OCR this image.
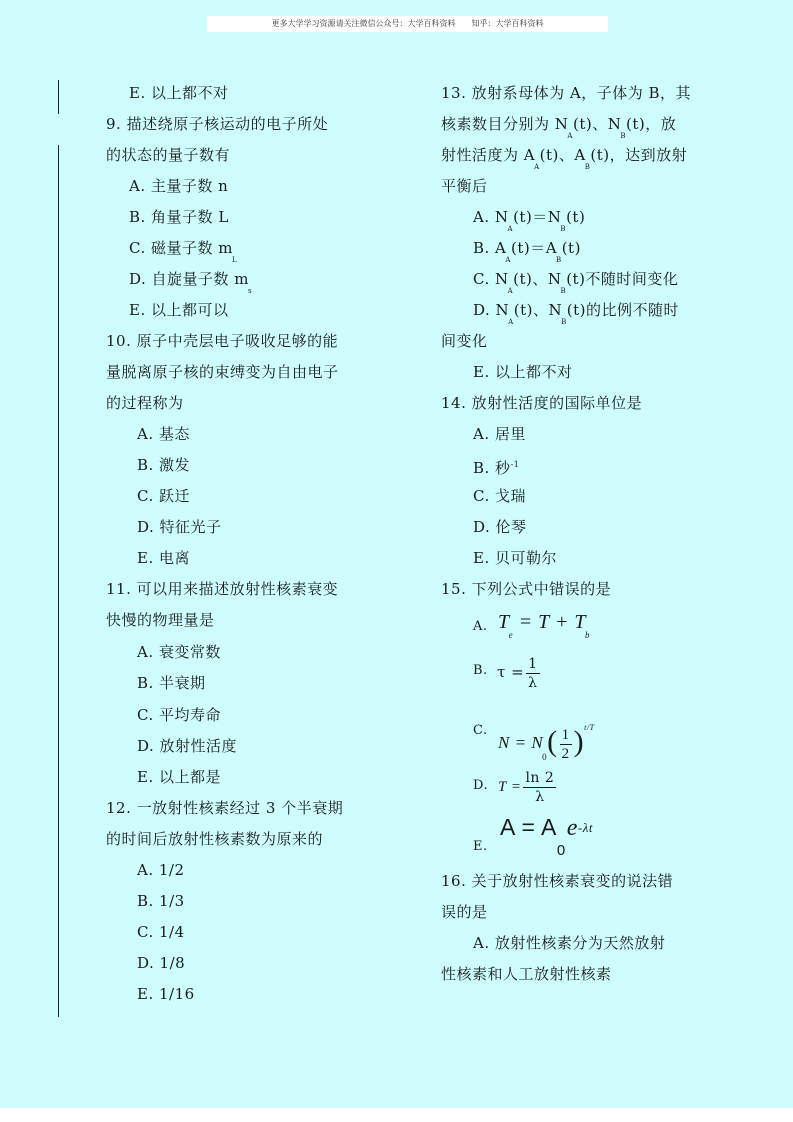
更多大学学习资源请关注微信公众号：大学百科资料　　知乎：大学百科资料
E. 以上都不对
9. 描述绕原子核运动的电子所处
的状态的量子数有
A. 主量子数 n
B. 角量子数 L
C. 磁量子数 mL
D. 自旋量子数 ms
E. 以上都可以
10. 原子中壳层电子吸收足够的能
量脱离原子核的束缚变为自由电子
的过程称为
A. 基态
B. 激发
C. 跃迁
D. 特征光子
E. 电离
11. 可以用来描述放射性核素衰变
快慢的物理量是
A. 衰变常数
B. 半衰期
C. 平均寿命
D. 放射性活度
E. 以上都是
12. 一放射性核素经过 3 个半衰期
的时间后放射性核素数为原来的
A. 1/2
B. 1/3
C. 1/4
D. 1/8
E. 1/16
13. 放射系母体为 A，子体为 B，其
核素数目分别为 NA(t)、NB(t)，放
射性活度为 AA(t)、AB(t)，达到放射
平衡后
A. NA(t)＝NB(t)
B. AA(t)＝AB(t)
C. NA(t)、NB(t)不随时间变化
D. NA(t)、NB(t)的比例不随时
间变化
E. 以上都不对
14. 放射性活度的国际单位是
A. 居里
B. 秒$^{-1}$
C. 戈瑞
D. 伦琴
E. 贝可勒尔
15. 下列公式中错误的是
A. Te = T + Tb
B. $\tau = \frac{1}{\lambda}$
C.
$N = N0( \frac{1}{2} )^{t/T}$
D. $T = \frac{\ln 2}{\lambda}$
E.
$A = A_0e-\lambda t$
16. 关于放射性核素衰变的说法错
误的是
A. 放射性核素分为天然放射
性核素和人工放射性核素
